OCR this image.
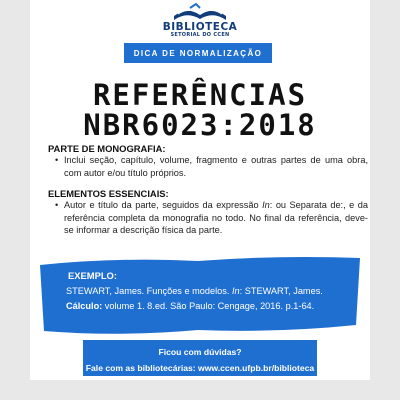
BIBLIOTECA
SETORIAL DO CCEN
DICA DE NORMALIZAÇÃO
REFERÊNCIAS
NBR6023:2018
PARTE DE MONOGRAFIA:
• Inclui seção, capítulo, volume, fragmento e outras partes de uma obra, com autor e/ou título próprios.
ELEMENTOS ESSENCIAIS:
• Autor e título da parte, seguidos da expressão In: ou Separata de:, e da referência completa da monografia no todo. No final da referência, deve-se informar a descrição física da parte.
EXEMPLO:
STEWART, James. Funções e modelos. In: STEWART, James. Cálculo: volume 1. 8.ed. São Paulo: Cengage, 2016. p.1-64.
Ficou com dúvidas?
Fale com as bibliotecárias: www.ccen.ufpb.br/biblioteca
